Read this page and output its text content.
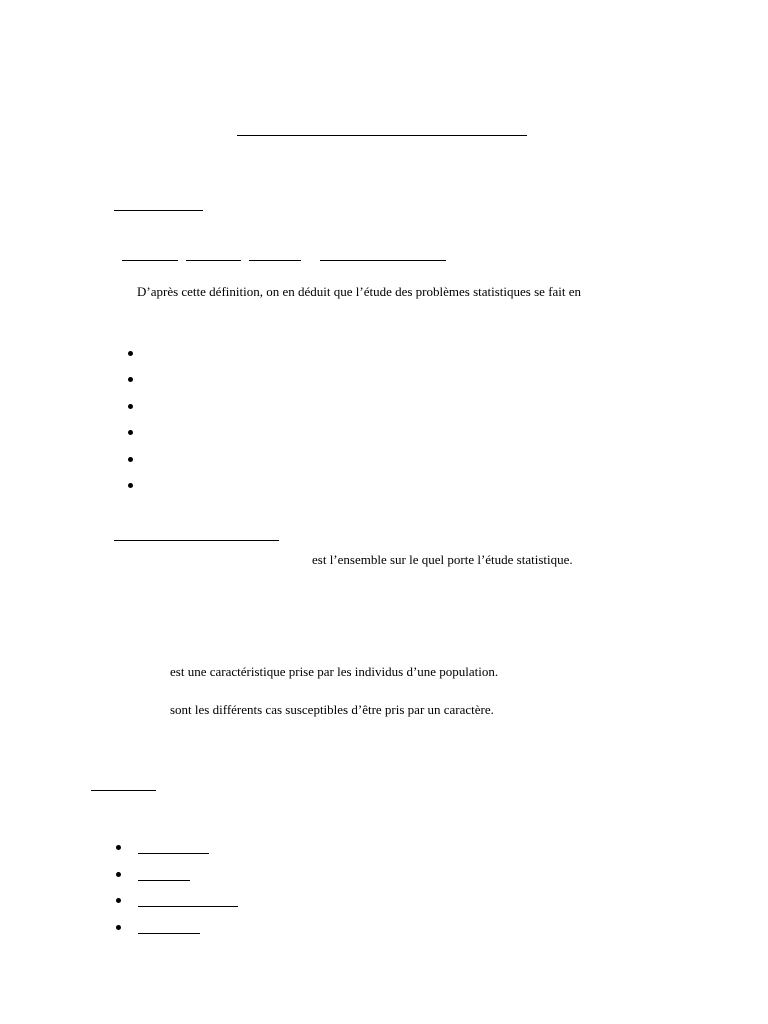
D’après cette définition, on en déduit que l’étude des problèmes statistiques se fait en
est l’ensemble sur le quel porte l’étude statistique.
est une caractéristique prise par les individus d’une population.
sont les différents cas susceptibles d’être pris par un caractère.
